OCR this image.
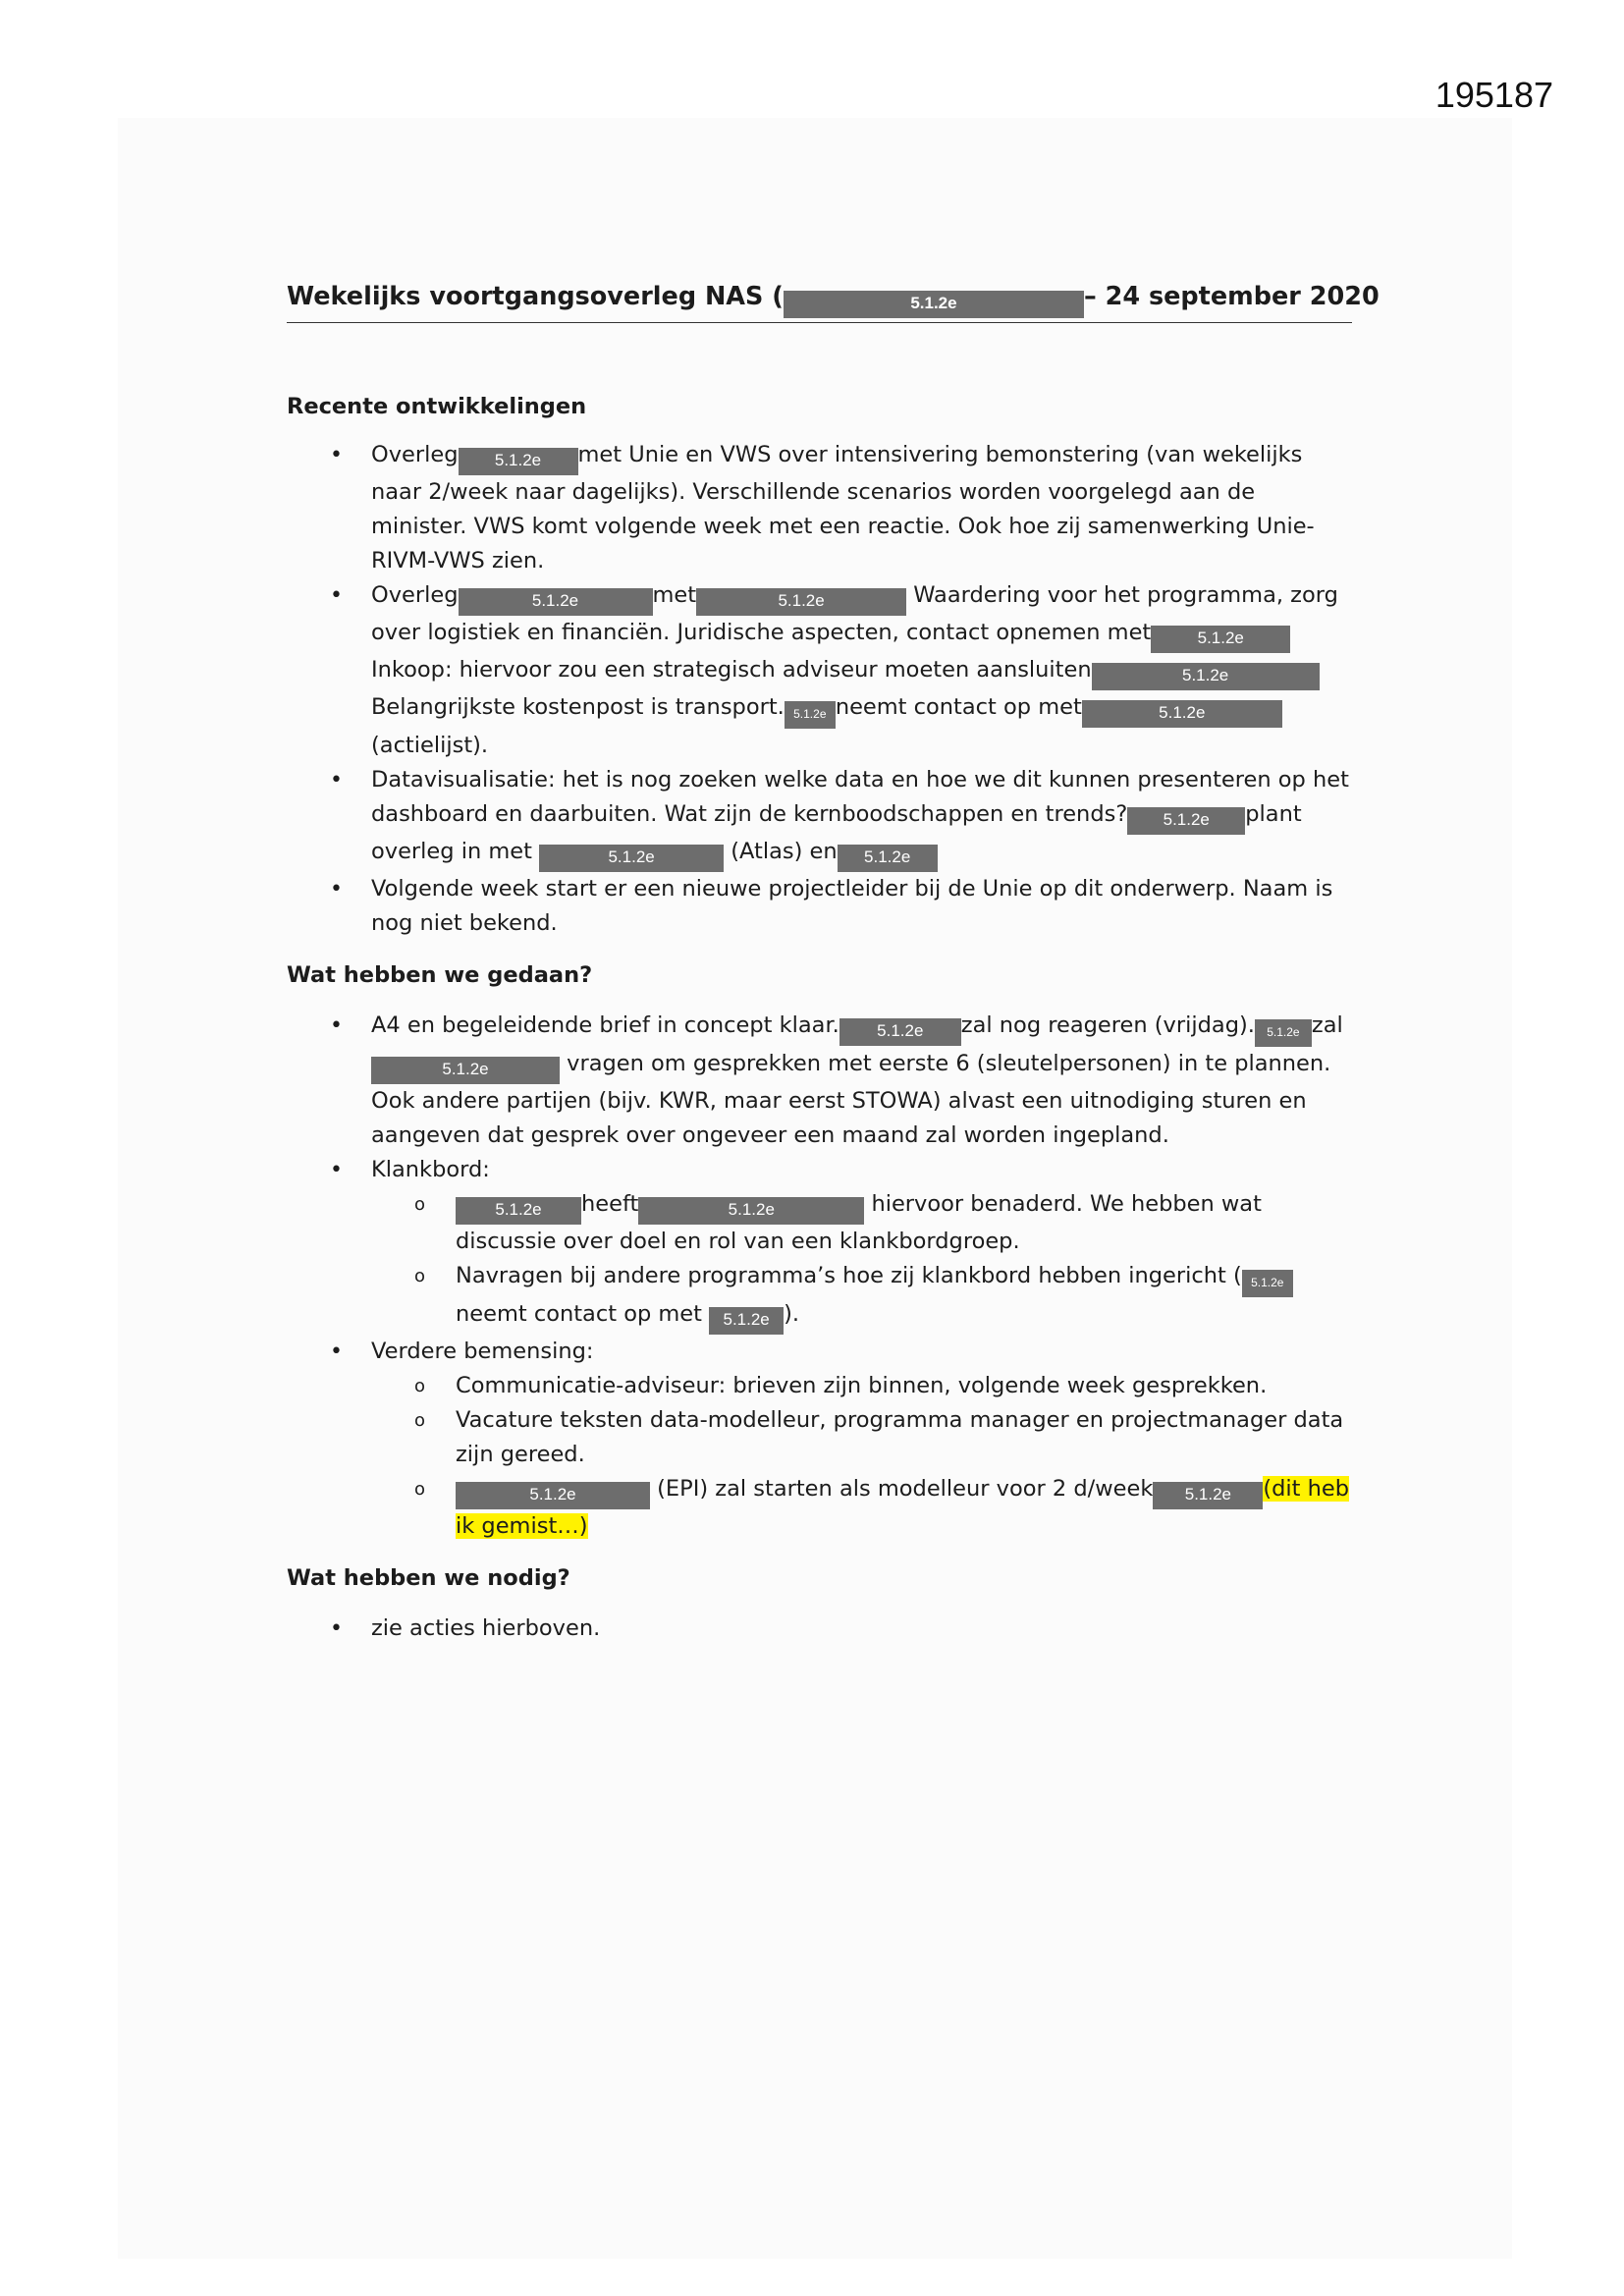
195187
Wekelijks voortgangsoverleg NAS (	5.1.2e	– 24 september 2020

Recente ontwikkelingen

• Overleg 5.1.2e met Unie en VWS over intensivering bemonstering (van wekelijks naar 2/week naar dagelijks). Verschillende scenarios worden voorgelegd aan de minister. VWS komt volgende week met een reactie. Ook hoe zij samenwerking Unie-RIVM-VWS zien.
• Overleg	5.1.2e	met	5.1.2e	Waardering voor het programma, zorg over logistiek en financiën. Juridische aspecten, contact opnemen met	5.1.2e Inkoop: hiervoor zou een strategisch adviseur moeten aansluiten	5.1.2e Belangrijkste kostenpost is transport. 5.1.2e neemt contact op met	5.1.2e(actielijst).
• Datavisualisatie: het is nog zoeken welke data en hoe we dit kunnen presenteren op het dashboard en daarbuiten. Wat zijn de kernboodschappen en trends? 5.1.2e plant overleg in met	5.1.2e	(Atlas) en 5.1.2e
• Volgende week start er een nieuwe projectleider bij de Unie op dit onderwerp. Naam is nog niet bekend.

Wat hebben we gedaan?

• A4 en begeleidende brief in concept klaar. 5.1.2e zal nog reageren (vrijdag). 5.1.2e zal
5.1.2e	vragen om gesprekken met eerste 6 (sleutelpersonen) in te plannen. Ook andere partijen (bijv. KWR, maar eerst STOWA) alvast een uitnodiging sturen en aangeven dat gesprek over ongeveer een maand zal worden ingepland.
• Klankbord:
o 5.1.2e heeft	5.1.2e	hiervoor benaderd. We hebben wat discussie over doel en rol van een klankbordgroep.
o Navragen bij andere programma’s hoe zij klankbord hebben ingericht ( 5.1.2eneemt contact op met 5.1.2e ).
• Verdere bemensing:
o Communicatie-adviseur: brieven zijn binnen, volgende week gesprekken.
o Vacature teksten data-modelleur, programma manager en projectmanager data zijn gereed.
o 5.1.2e	(EPI) zal starten als modelleur voor 2 d/week 5.1.2e (dit heb ik gemist…)

Wat hebben we nodig?

• zie acties hierboven.
